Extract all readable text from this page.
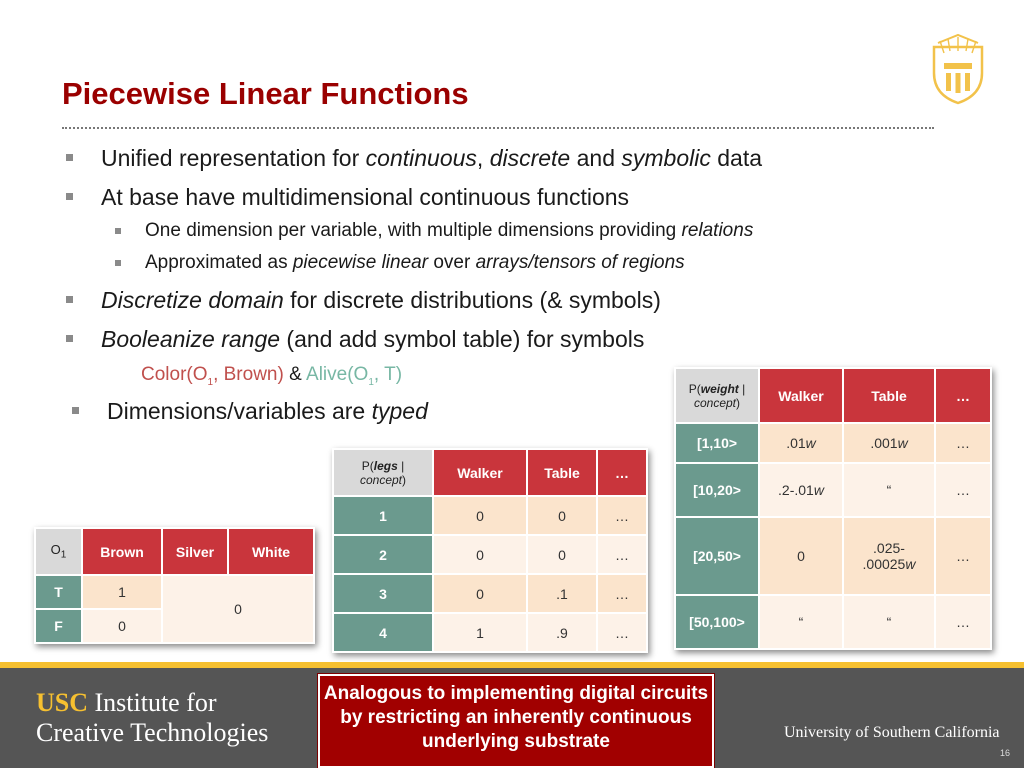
Piecewise Linear Functions
Unified representation for continuous, discrete and symbolic data
At base have multidimensional continuous functions
One dimension per variable, with multiple dimensions providing relations
Approximated as piecewise linear over arrays/tensors of regions
Discretize domain for discrete distributions (& symbols)
Booleanize range (and add symbol table) for symbols
$Color(O_1$, Brown) & $Alive(O_1$, T)
Dimensions/variables are typed
$O_1$	Brown	Silver	White
T	1	0	
F	0		
P(legs |
concept)	Walker	Table	…
1	0	0	…
2	0	0	…
3	0	.1	…
4	1	.9	…
P(weight |
concept)	Walker	Table	…
[1,10>	.01w	.001w	…
[10,20>	.2-.01w	“	…
[20,50>	0	.025-
.00025w	…
[50,100>	“	“	…
USC Institute for
Creative Technologies
Analogous to implementing digital circuits by restricting an inherently continuous underlying substrate	University of Southern California
16
